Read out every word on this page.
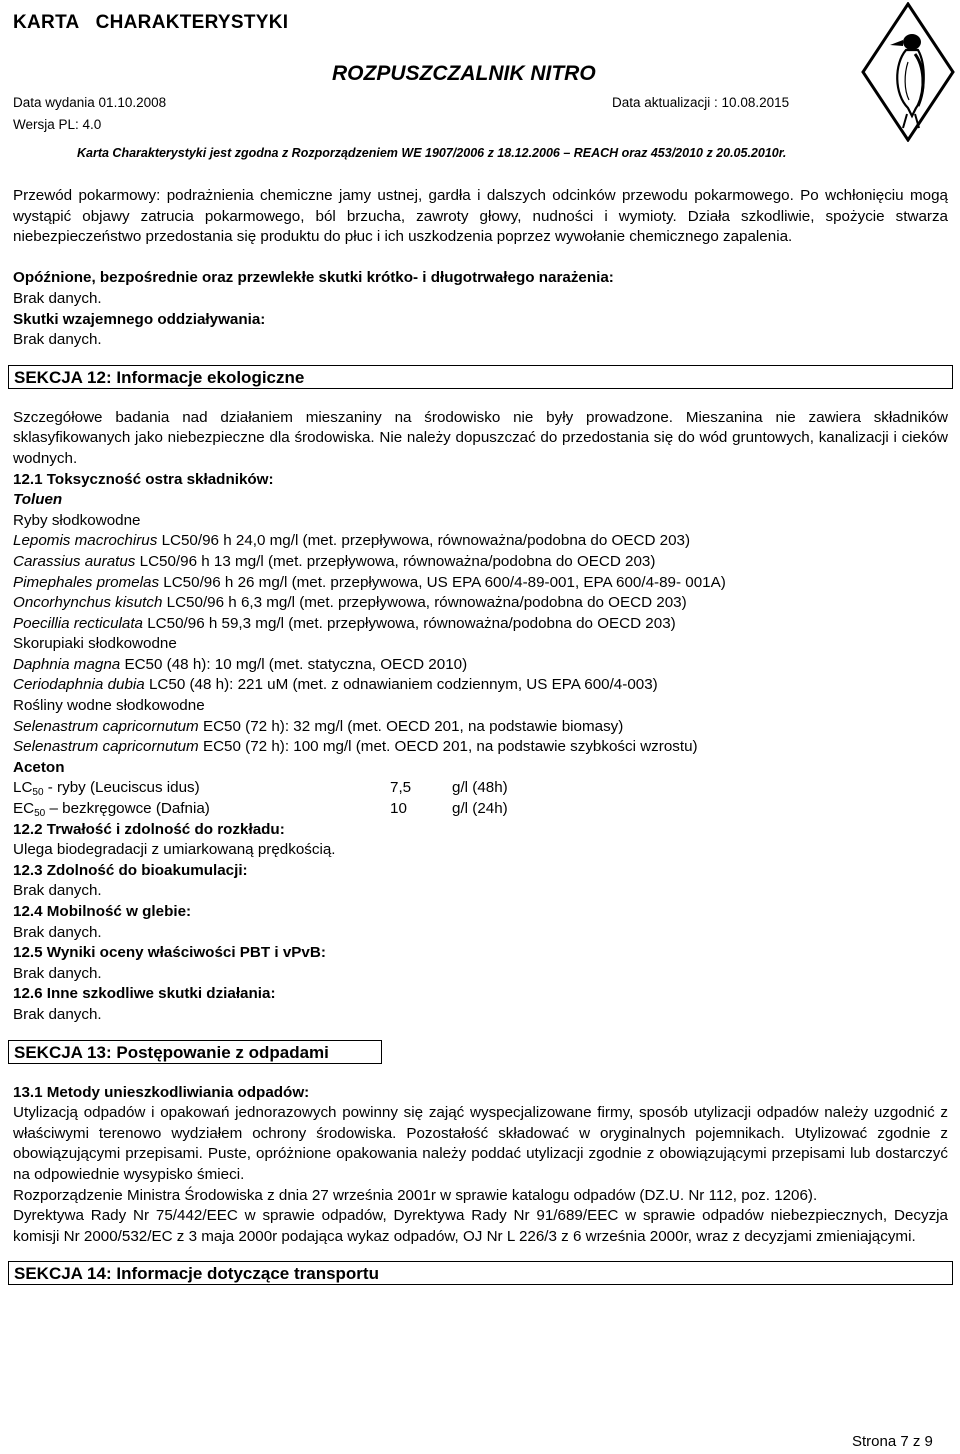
KARTA   CHARAKTERYSTYKI
ROZPUSZCZALNIK NITRO
Data wydania 01.10.2008	Data aktualizacji : 10.08.2015
Wersja PL: 4.0
Karta Charakterystyki jest zgodna z Rozporządzeniem WE 1907/2006 z 18.12.2006 – REACH oraz 453/2010 z 20.05.2010r.

Przewód pokarmowy: podrażnienia chemiczne jamy ustnej, gardła i dalszych odcinków przewodu pokarmowego. Po wchłonięciu mogą wystąpić objawy zatrucia pokarmowego, ból brzucha, zawroty głowy, nudności i wymioty. Działa szkodliwie, spożycie stwarza niebezpieczeństwo przedostania się produktu do płuc i ich uszkodzenia poprzez wywołanie chemicznego zapalenia.

Opóźnione, bezpośrednie oraz przewlekłe skutki krótko- i długotrwałego narażenia:

Brak danych.

Skutki wzajemnego oddziaływania:

Brak danych.

SEKCJA 12: Informacje ekologiczne

Szczegółowe badania nad działaniem mieszaniny na środowisko nie były prowadzone. Mieszanina nie zawiera składników sklasyfikowanych jako niebezpieczne dla środowiska. Nie należy dopuszczać do przedostania się do wód gruntowych, kanalizacji i cieków wodnych.

12.1 Toksyczność ostra składników:

Toluen

Ryby słodkowodne

Lepomis macrochirus LC50/96 h 24,0 mg/l (met. przepływowa, równoważna/podobna do OECD 203)

Carassius auratus LC50/96 h 13 mg/l (met. przepływowa, równoważna/podobna do OECD 203)

Pimephales promelas LC50/96 h 26 mg/l (met. przepływowa, US EPA 600/4-89-001, EPA 600/4-89- 001A)

Oncorhynchus kisutch LC50/96 h 6,3 mg/l (met. przepływowa, równoważna/podobna do OECD 203)

Poecillia recticulata LC50/96 h 59,3 mg/l (met. przepływowa, równoważna/podobna do OECD 203)

Skorupiaki słodkowodne

Daphnia magna EC50 (48 h): 10 mg/l (met. statyczna, OECD 2010)

Ceriodaphnia dubia LC50 (48 h): 221 uM (met. z odnawianiem codziennym, US EPA 600/4-003)

Rośliny wodne słodkowodne

Selenastrum capricornutum EC50 (72 h): 32 mg/l (met. OECD 201, na podstawie biomasy)

Selenastrum capricornutum EC50 (72 h): 100 mg/l (met. OECD 201, na podstawie szybkości wzrostu)

Aceton

$LC_{50}$ - ryby (Leuciscus idus)	7,5	g/l (48h)
$EC_{50}$ – bezkręgowce (Dafnia)	10	g/l (24h)

12.2 Trwałość i zdolność do rozkładu:

Ulega biodegradacji z umiarkowaną prędkością.

12.3 Zdolność do bioakumulacji:

Brak danych.

12.4 Mobilność w glebie:

Brak danych.

12.5 Wyniki oceny właściwości PBT i vPvB:

Brak danych.

12.6 Inne szkodliwe skutki działania:

Brak danych.

SEKCJA 13: Postępowanie z odpadami

13.1 Metody unieszkodliwiania odpadów:

Utylizacją odpadów i opakowań jednorazowych powinny się zająć wyspecjalizowane firmy, sposób utylizacji odpadów należy uzgodnić z właściwymi terenowo wydziałem ochrony środowiska. Pozostałość składować w oryginalnych pojemnikach. Utylizować zgodnie z obowiązującymi przepisami. Puste, opróżnione opakowania należy poddać utylizacji zgodnie z obowiązującymi przepisami lub dostarczyć na odpowiednie wysypisko śmieci.

Rozporządzenie Ministra Środowiska z dnia 27 września 2001r w sprawie katalogu odpadów (DZ.U. Nr 112, poz. 1206).

Dyrektywa Rady Nr 75/442/EEC w sprawie odpadów, Dyrektywa Rady Nr 91/689/EEC w sprawie odpadów niebezpiecznych, Decyzja komisji Nr 2000/532/EC z 3 maja 2000r podająca wykaz odpadów, OJ Nr L 226/3 z 6 września 2000r, wraz z decyzjami zmieniającymi.

SEKCJA 14: Informacje dotyczące transportu
Strona 7 z 9
